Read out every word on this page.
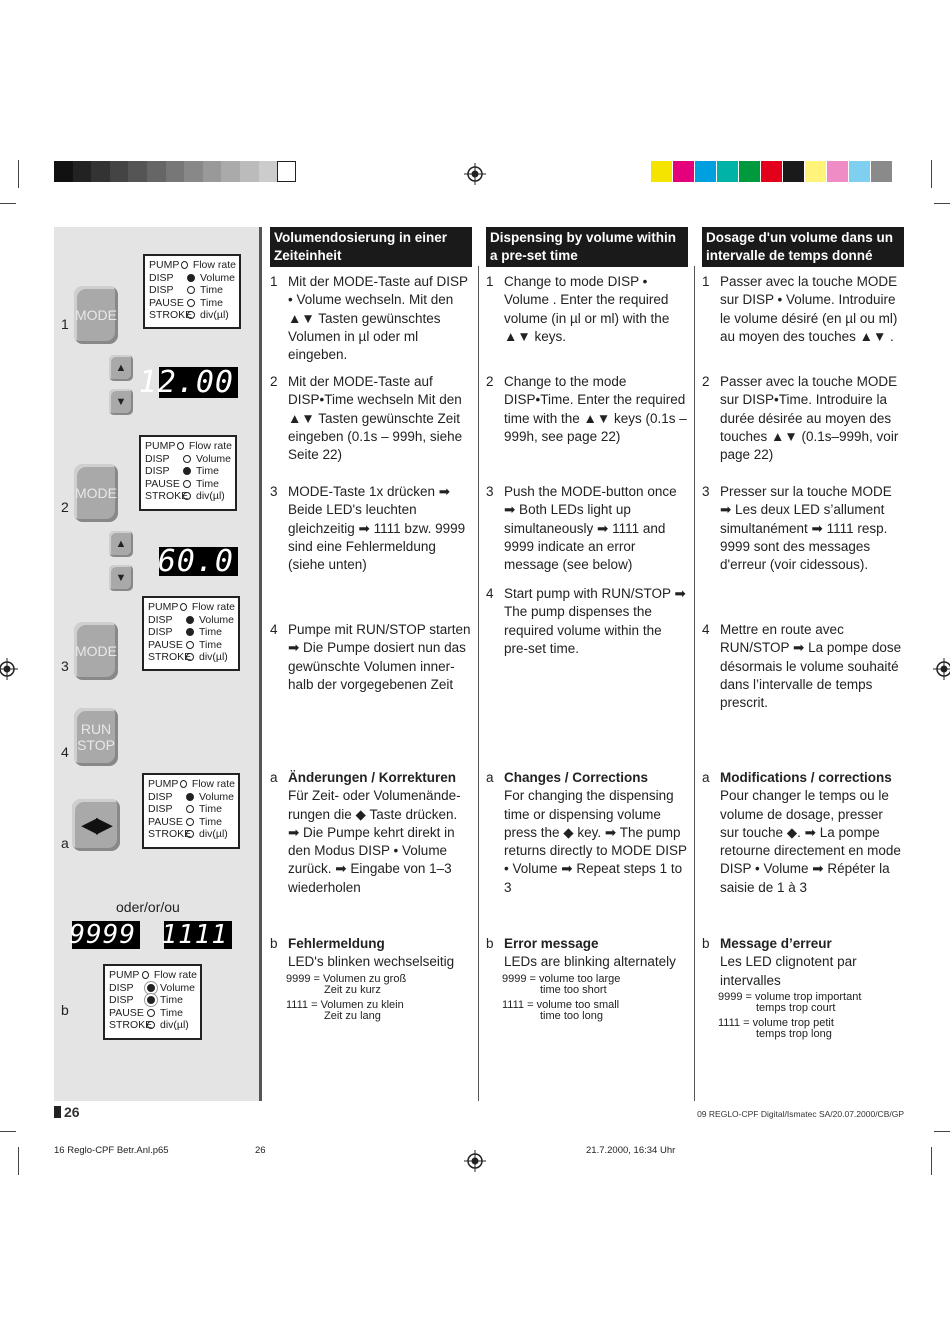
PUMP Flow rate
DISP	Volume
DISP	Time
PAUSE	Time
STROKE div(µl)
MODE
1
▲
▼
12.00
PUMP Flow rate
DISP	Volume
DISP	Time
PAUSE	Time
STROKE div(µl)
MODE
2
▲
▼ 60.0
PUMP Flow rate
DISP	Volume
DISP	Time
PAUSE	Time
STROKE div(µl)
MODE
3
RUN STOP
4
PUMP Flow rate
DISP	Volume
DISP	Time
PAUSE	Time
STROKE div(µl)
◀▶
a
oder/or/ou
9999 1111
PUMP Flow rate
DISP	Volume
DISP	Time
PAUSE	Time
STROKE div(µl)
b
Volumendosierung in einer Zeiteinheit
1 Mit der MODE-Taste auf DISP • Volume wechseln. Mit den ▲▼ Tasten gewünschtes Volumen in µl oder ml eingeben.
2 Mit der MODE-Taste auf DISP•Time wechseln Mit den ▲▼ Tasten gewünschte Zeit eingeben (0.1s – 999h, siehe Seite 22)
3 MODE-Taste 1x drücken ➡ Beide LED's leuchten gleichzeitig ➡ 1111 bzw. 9999 sind eine Fehlermeldung (siehe unten)
4 Pumpe mit RUN/STOP starten ➡ Die Pumpe dosiert nun das gewünschte Volumen innerhalb der vorgegebenen Zeit
a Änderungen / Korrekturen
Für Zeit- oder Volumenänderungen die ◆ Taste drücken. ➡ Die Pumpe kehrt direkt in den Modus DISP • Volume zurück. ➡ Eingabe von 1–3 wiederholen
b Fehlermeldung
LED's blinken wechselseitig
9999 = Volumen zu groß
Zeit zu kurz
1111 = Volumen zu klein
Zeit zu lang
Dispensing by volume within a pre-set time
1 Change to mode DISP • Volume . Enter the required volume (in µl or ml) with the ▲▼ keys.
2 Change to the mode DISP•Time. Enter the required time with the ▲▼ keys (0.1s – 999h, see page 22)
3 Push the MODE-button once ➡ Both LEDs light up simultaneously ➡ 1111 and 9999 indicate an error message (see below)
4 Start pump with RUN/STOP ➡ The pump dispenses the required volume within the pre-set time.
a Changes / Corrections
For changing the dispensing time or dispensing volume press the ◆ key. ➡ The pump returns directly to MODE DISP • Volume ➡ Repeat steps 1 to 3
b Error message
LEDs are blinking alternately
9999 = volume too large
time too short
1111 = volume too small
time too long
Dosage d'un volume dans un intervalle de temps donné
1 Passer avec la touche MODE sur DISP • Volume. Introduire le volume désiré (en µl ou ml) au moyen des touches ▲▼ .
2 Passer avec la touche MODE sur DISP•Time. Introduire la durée désirée au moyen des touches ▲▼ (0.1s–999h, voir page 22)
3 Presser sur la touche MODE ➡ Les deux LED s’allument simultanément ➡ 1111 resp. 9999 sont des messages d'erreur (voir cidessous).
4 Mettre en route avec RUN/STOP ➡ La pompe dose désormais le volume souhaité dans l’intervalle de temps prescrit.
a Modifications / corrections
Pour changer le temps ou le volume de dosage, presser sur touche ◆. ➡ La pompe retourne directement en mode DISP • Volume ➡ Répéter la saisie de 1 à 3
b Message d’erreur
Les LED clignotent par intervalles
9999 = volume trop important
temps trop court
1111 = volume trop petit
temps trop long
26	09 REGLO-CPF Digital/Ismatec SA/20.07.2000/CB/GP
16 Reglo-CPF Betr.Anl.p65	26	21.7.2000, 16:34 Uhr
